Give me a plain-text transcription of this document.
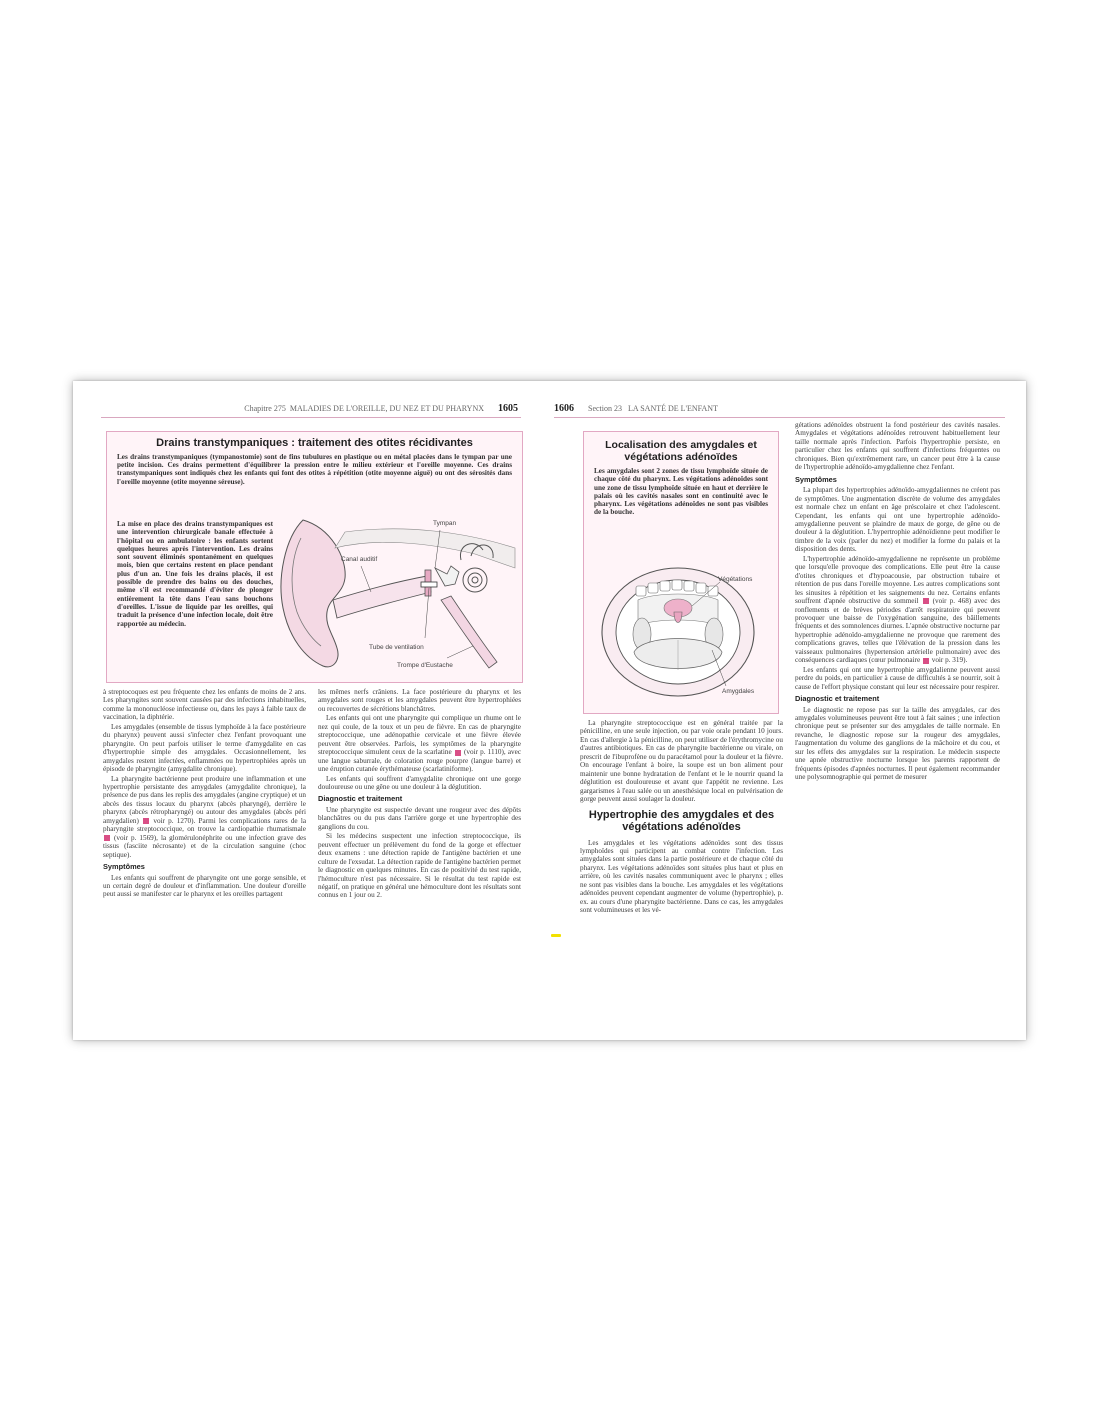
Chapitre 275 MALADIES DE L'OREILLE, DU NEZ ET DU PHARYNX 1605
Drains transtympaniques : traitement des otites récidivantes
Les drains transtympaniques (tympanostomie) sont de fins tubulures en plastique ou en métal placées dans le tympan par une petite incision. Ces drains permettent d'équilibrer la pression entre le milieu extérieur et l'oreille moyenne. Ces drains transtympaniques sont indiqués chez les enfants qui font des otites à répétition (otite moyenne aiguë) ou ont des sérosités dans l'oreille moyenne (otite moyenne séreuse).
La mise en place des drains transtympaniques est une intervention chirurgicale banale effectuée à l'hôpital ou en ambulatoire : les enfants sortent quelques heures après l'intervention. Les drains sont souvent éliminés spontanément en quelques mois, bien que certains restent en place pendant plus d'un an. Une fois les drains placés, il est possible de prendre des bains ou des douches, même s'il est recommandé d'éviter de plonger entièrement la tête dans l'eau sans bouchons d'oreilles. L'issue de liquide par les oreilles, qui traduit la présence d'une infection locale, doit être rapportée au médecin.
Tympan
Canal auditif
Tube de ventilation
Trompe d'Eustache

à streptocoques est peu fréquente chez les enfants de moins de 2 ans. Les pharyngites sont souvent causées par des infections inhabituelles, comme la mononucléose infectieuse ou, dans les pays à faible taux de vaccination, la diphtérie.

Les amygdales (ensemble de tissus lymphoïde à la face postérieure du pharynx) peuvent aussi s'infecter chez l'enfant provoquant une pharyngite. On peut parfois utiliser le terme d'amygdalite en cas d'hypertrophie simple des amygdales. Occasionnellement, les amygdales restent infectées, enflammées ou hypertrophiées après un épisode de pharyngite (amygdalite chronique).

La pharyngite bactérienne peut produire une inflammation et une hypertrophie persistante des amygdales (amygdalite chronique), la présence de pus dans les replis des amygdales (angine cryptique) et un abcès des tissus locaux du pharynx (abcès pharyngé), derrière le pharynx (abcès rétropharyngé) ou autour des amygdales (abcès péri amygdalien) voir p. 1270). Parmi les complications rares de la pharyngite streptococcique, on trouve la cardiopathie rhumatismale  (voir p. 1569), la glomérulonéphrite ou une infection grave des tissus (fasciite nécrosante) et de la circulation sanguine (choc septique).

Symptômes

Les enfants qui souffrent de pharyngite ont une gorge sensible, et un certain degré de douleur et d'inflammation. Une douleur d'oreille peut aussi se manifester car le pharynx et les oreilles partagent

les mêmes nerfs crâniens. La face postérieure du pharynx et les amygdales sont rouges et les amygdales peuvent être hypertrophiées ou recouvertes de sécrétions blanchâtres.

Les enfants qui ont une pharyngite qui complique un rhume ont le nez qui coule, de la toux et un peu de fièvre. En cas de pharyngite streptococcique, une adénopathie cervicale et une fièvre élevée peuvent être observées. Parfois, les symptômes de la pharyngite streptococcique simulent ceux de la scarlatine (voir p. 1110), avec une langue saburrale, de coloration rouge pourpre (langue barre) et une éruption cutanée érythémateuse (scarlatiniforme).

Les enfants qui souffrent d'amygdalite chronique ont une gorge douloureuse ou une gêne ou une douleur à la déglutition.

Diagnostic et traitement

Une pharyngite est suspectée devant une rougeur avec des dépôts blanchâtres ou du pus dans l'arrière gorge et une hypertrophie des ganglions du cou.

Si les médecins suspectent une infection streptococcique, ils peuvent effectuer un prélèvement du fond de la gorge et effectuer deux examens : une détection rapide de l'antigène bactérien et une culture de l'exsudat. La détection rapide de l'antigène bactérien permet le diagnostic en quelques minutes. En cas de positivité du test rapide, l'hémoculture n'est pas nécessaire. Si le résultat du test rapide est négatif, on pratique en général une hémoculture dont les résultats sont connus en 1 jour ou 2.

1606 Section 23 LA SANTÉ DE L'ENFANT
Localisation des amygdales et végétations adénoïdes
Les amygdales sont 2 zones de tissu lymphoïde située de chaque côté du pharynx. Les végétations adénoïdes sont une zone de tissu lymphoïde située en haut et derrière le palais où les cavités nasales sont en continuité avec le pharynx. Les végétations adénoïdes ne sont pas visibles de la bouche.
Végétations
Amygdales

La pharyngite streptococcique est en général traitée par la pénicilline, en une seule injection, ou par voie orale pendant 10 jours. En cas d'allergie à la pénicilline, on peut utiliser de l'érythromycine ou d'autres antibiotiques. En cas de pharyngite bactérienne ou virale, on prescrit de l'ibuprofène ou du paracétamol pour la douleur et la fièvre. On encourage l'enfant à boire, la soupe est un bon aliment pour maintenir une bonne hydratation de l'enfant et le le nourrir quand la déglutition est douloureuse et avant que l'appétit ne revienne. Les gargarismes à l'eau salée ou un anesthésique local en pulvérisation de gorge peuvent aussi soulager la douleur.

Hypertrophie des amygdales et des végétations adénoïdes

Les amygdales et les végétations adénoïdes sont des tissus lymphoïdes qui participent au combat contre l'infection. Les amygdales sont situées dans la partie postérieure et de chaque côté du pharynx. Les végétations adénoïdes sont situées plus haut et plus en arrière, où les cavités nasales communiquent avec le pharynx ; elles ne sont pas visibles dans la bouche. Les amygdales et les végétations adénoïdes peuvent cependant augmenter de volume (hypertrophie), p. ex. au cours d'une pharyngite bactérienne. Dans ce cas, les amygdales sont volumineuses et les vé-

gétations adénoïdes obstruent la fond postérieur des cavités nasales. Amygdales et végétations adénoïdes retrouvent habituellement leur taille normale après l'infection. Parfois l'hypertrophie persiste, en particulier chez les enfants qui souffrent d'infections fréquentes ou chroniques. Bien qu'extrêmement rare, un cancer peut être à la cause de l'hypertrophie adénoïdo-amygdalienne chez l'enfant.

Symptômes

La plupart des hypertrophies adénoïdo-amygdaliennes ne créent pas de symptômes. Une augmentation discrète de volume des amygdales est normale chez un enfant en âge préscolaire et chez l'adolescent. Cependant, les enfants qui ont une hypertrophie adénoïdo-amygdalienne peuvent se plaindre de maux de gorge, de gêne ou de douleur à la déglutition. L'hypertrophie adénoïdienne peut modifier le timbre de la voix (parler du nez) et modifier la forme du palais et la disposition des dents.

L'hypertrophie adénoïdo-amygdalienne ne représente un problème que lorsqu'elle provoque des complications. Elle peut être la cause d'otites chroniques et d'hypoacousie, par obstruction tubaire et rétention de pus dans l'oreille moyenne. Les autres complications sont les sinusites à répétition et les saignements du nez. Certains enfants souffrent d'apnée obstructive du sommeil (voir p. 468) avec des ronflements et de brèves périodes d'arrêt respiratoire qui peuvent provoquer une baisse de l'oxygénation sanguine, des bâillements fréquents et des somnolences diurnes. L'apnée obstructive nocturne par hypertrophie adénoïdo-amygdalienne ne provoque que rarement des complications graves, telles que l'élévation de la pression dans les vaisseaux pulmonaires (hypertension artérielle pulmonaire) avec des conséquences cardiaques (cœur pulmonaire voir p. 319).

Les enfants qui ont une hypertrophie amygdalienne peuvent aussi perdre du poids, en particulier à cause de difficultés à se nourrir, soit à cause de l'effort physique constant qui leur est nécessaire pour respirer.

Diagnostic et traitement

Le diagnostic ne repose pas sur la taille des amygdales, car des amygdales volumineuses peuvent être tout à fait saines ; une infection chronique peut se présenter sur des amygdales de taille normale. En revanche, le diagnostic repose sur la rougeur des amygdales, l'augmentation du volume des ganglions de la mâchoire et du cou, et sur les effets des amygdales sur la respiration. Le médecin suspecte une apnée obstructive nocturne lorsque les parents rapportent de fréquents épisodes d'apnées nocturnes. Il peut également recommander une polysomnographie qui permet de mesurer
